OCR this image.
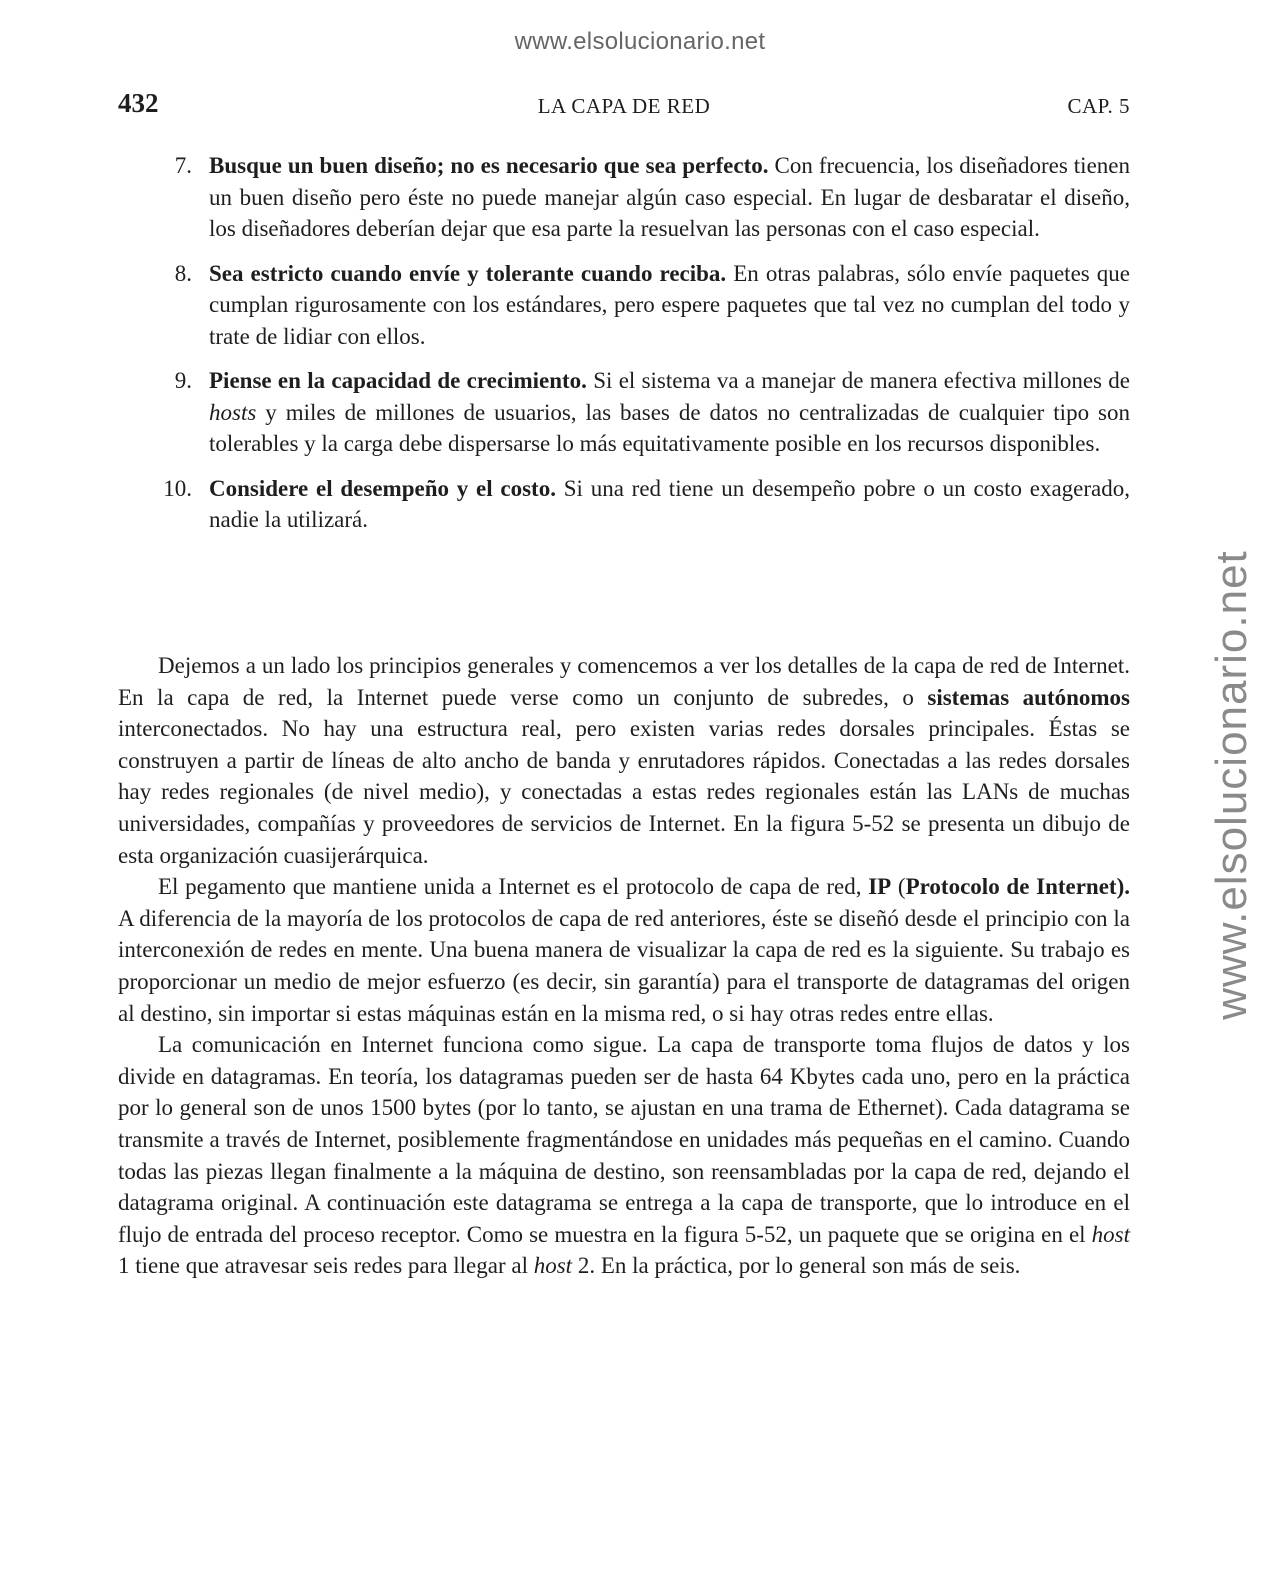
www.elsolucionario.net
www.elsolucionario.net
432	LA CAPA DE RED	CAP. 5
7. Busque un buen diseño; no es necesario que sea perfecto. Con frecuencia, los diseñadores tienen un buen diseño pero éste no puede manejar algún caso especial. En lugar de desbaratar el diseño, los diseñadores deberían dejar que esa parte la resuelvan las personas con el caso especial.
8. Sea estricto cuando envíe y tolerante cuando reciba. En otras palabras, sólo envíe paquetes que cumplan rigurosamente con los estándares, pero espere paquetes que tal vez no cumplan del todo y trate de lidiar con ellos.
9. Piense en la capacidad de crecimiento. Si el sistema va a manejar de manera efectiva millones de hosts y miles de millones de usuarios, las bases de datos no centralizadas de cualquier tipo son tolerables y la carga debe dispersarse lo más equitativamente posible en los recursos disponibles.
10. Considere el desempeño y el costo. Si una red tiene un desempeño pobre o un costo exagerado, nadie la utilizará.

Dejemos a un lado los principios generales y comencemos a ver los detalles de la capa de red de Internet. En la capa de red, la Internet puede verse como un conjunto de subredes, o sistemas autónomos interconectados. No hay una estructura real, pero existen varias redes dorsales principales. Éstas se construyen a partir de líneas de alto ancho de banda y enrutadores rápidos. Conectadas a las redes dorsales hay redes regionales (de nivel medio), y conectadas a estas redes regionales están las LANs de muchas universidades, compañías y proveedores de servicios de Internet. En la figura 5-52 se presenta un dibujo de esta organización cuasijerárquica.

El pegamento que mantiene unida a Internet es el protocolo de capa de red, IP (Protocolo de Internet). A diferencia de la mayoría de los protocolos de capa de red anteriores, éste se diseñó desde el principio con la interconexión de redes en mente. Una buena manera de visualizar la capa de red es la siguiente. Su trabajo es proporcionar un medio de mejor esfuerzo (es decir, sin garantía) para el transporte de datagramas del origen al destino, sin importar si estas máquinas están en la misma red, o si hay otras redes entre ellas.

La comunicación en Internet funciona como sigue. La capa de transporte toma flujos de datos y los divide en datagramas. En teoría, los datagramas pueden ser de hasta 64 Kbytes cada uno, pero en la práctica por lo general son de unos 1500 bytes (por lo tanto, se ajustan en una trama de Ethernet). Cada datagrama se transmite a través de Internet, posiblemente fragmentándose en unidades más pequeñas en el camino. Cuando todas las piezas llegan finalmente a la máquina de destino, son reensambladas por la capa de red, dejando el datagrama original. A continuación este datagrama se entrega a la capa de transporte, que lo introduce en el flujo de entrada del proceso receptor. Como se muestra en la figura 5-52, un paquete que se origina en el host 1 tiene que atravesar seis redes para llegar al host 2. En la práctica, por lo general son más de seis.
